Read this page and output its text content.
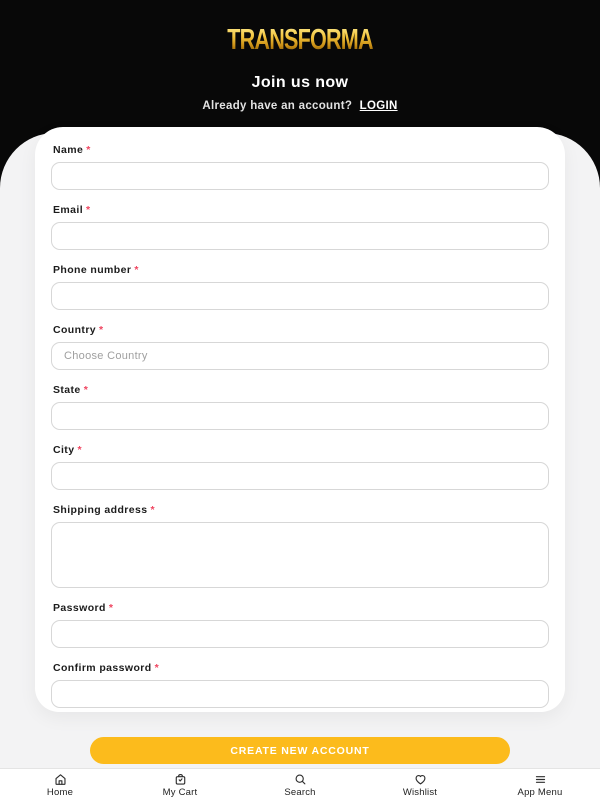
TRANSFORMA
Join us now
Already have an account? LOGIN
Name *
Email *
Phone number *
Country *
Choose Country
State *
City *
Shipping address *
Password *
Confirm password *
CREATE NEW ACCOUNT
Home	My Cart	Search	Wishlist	App Menu
